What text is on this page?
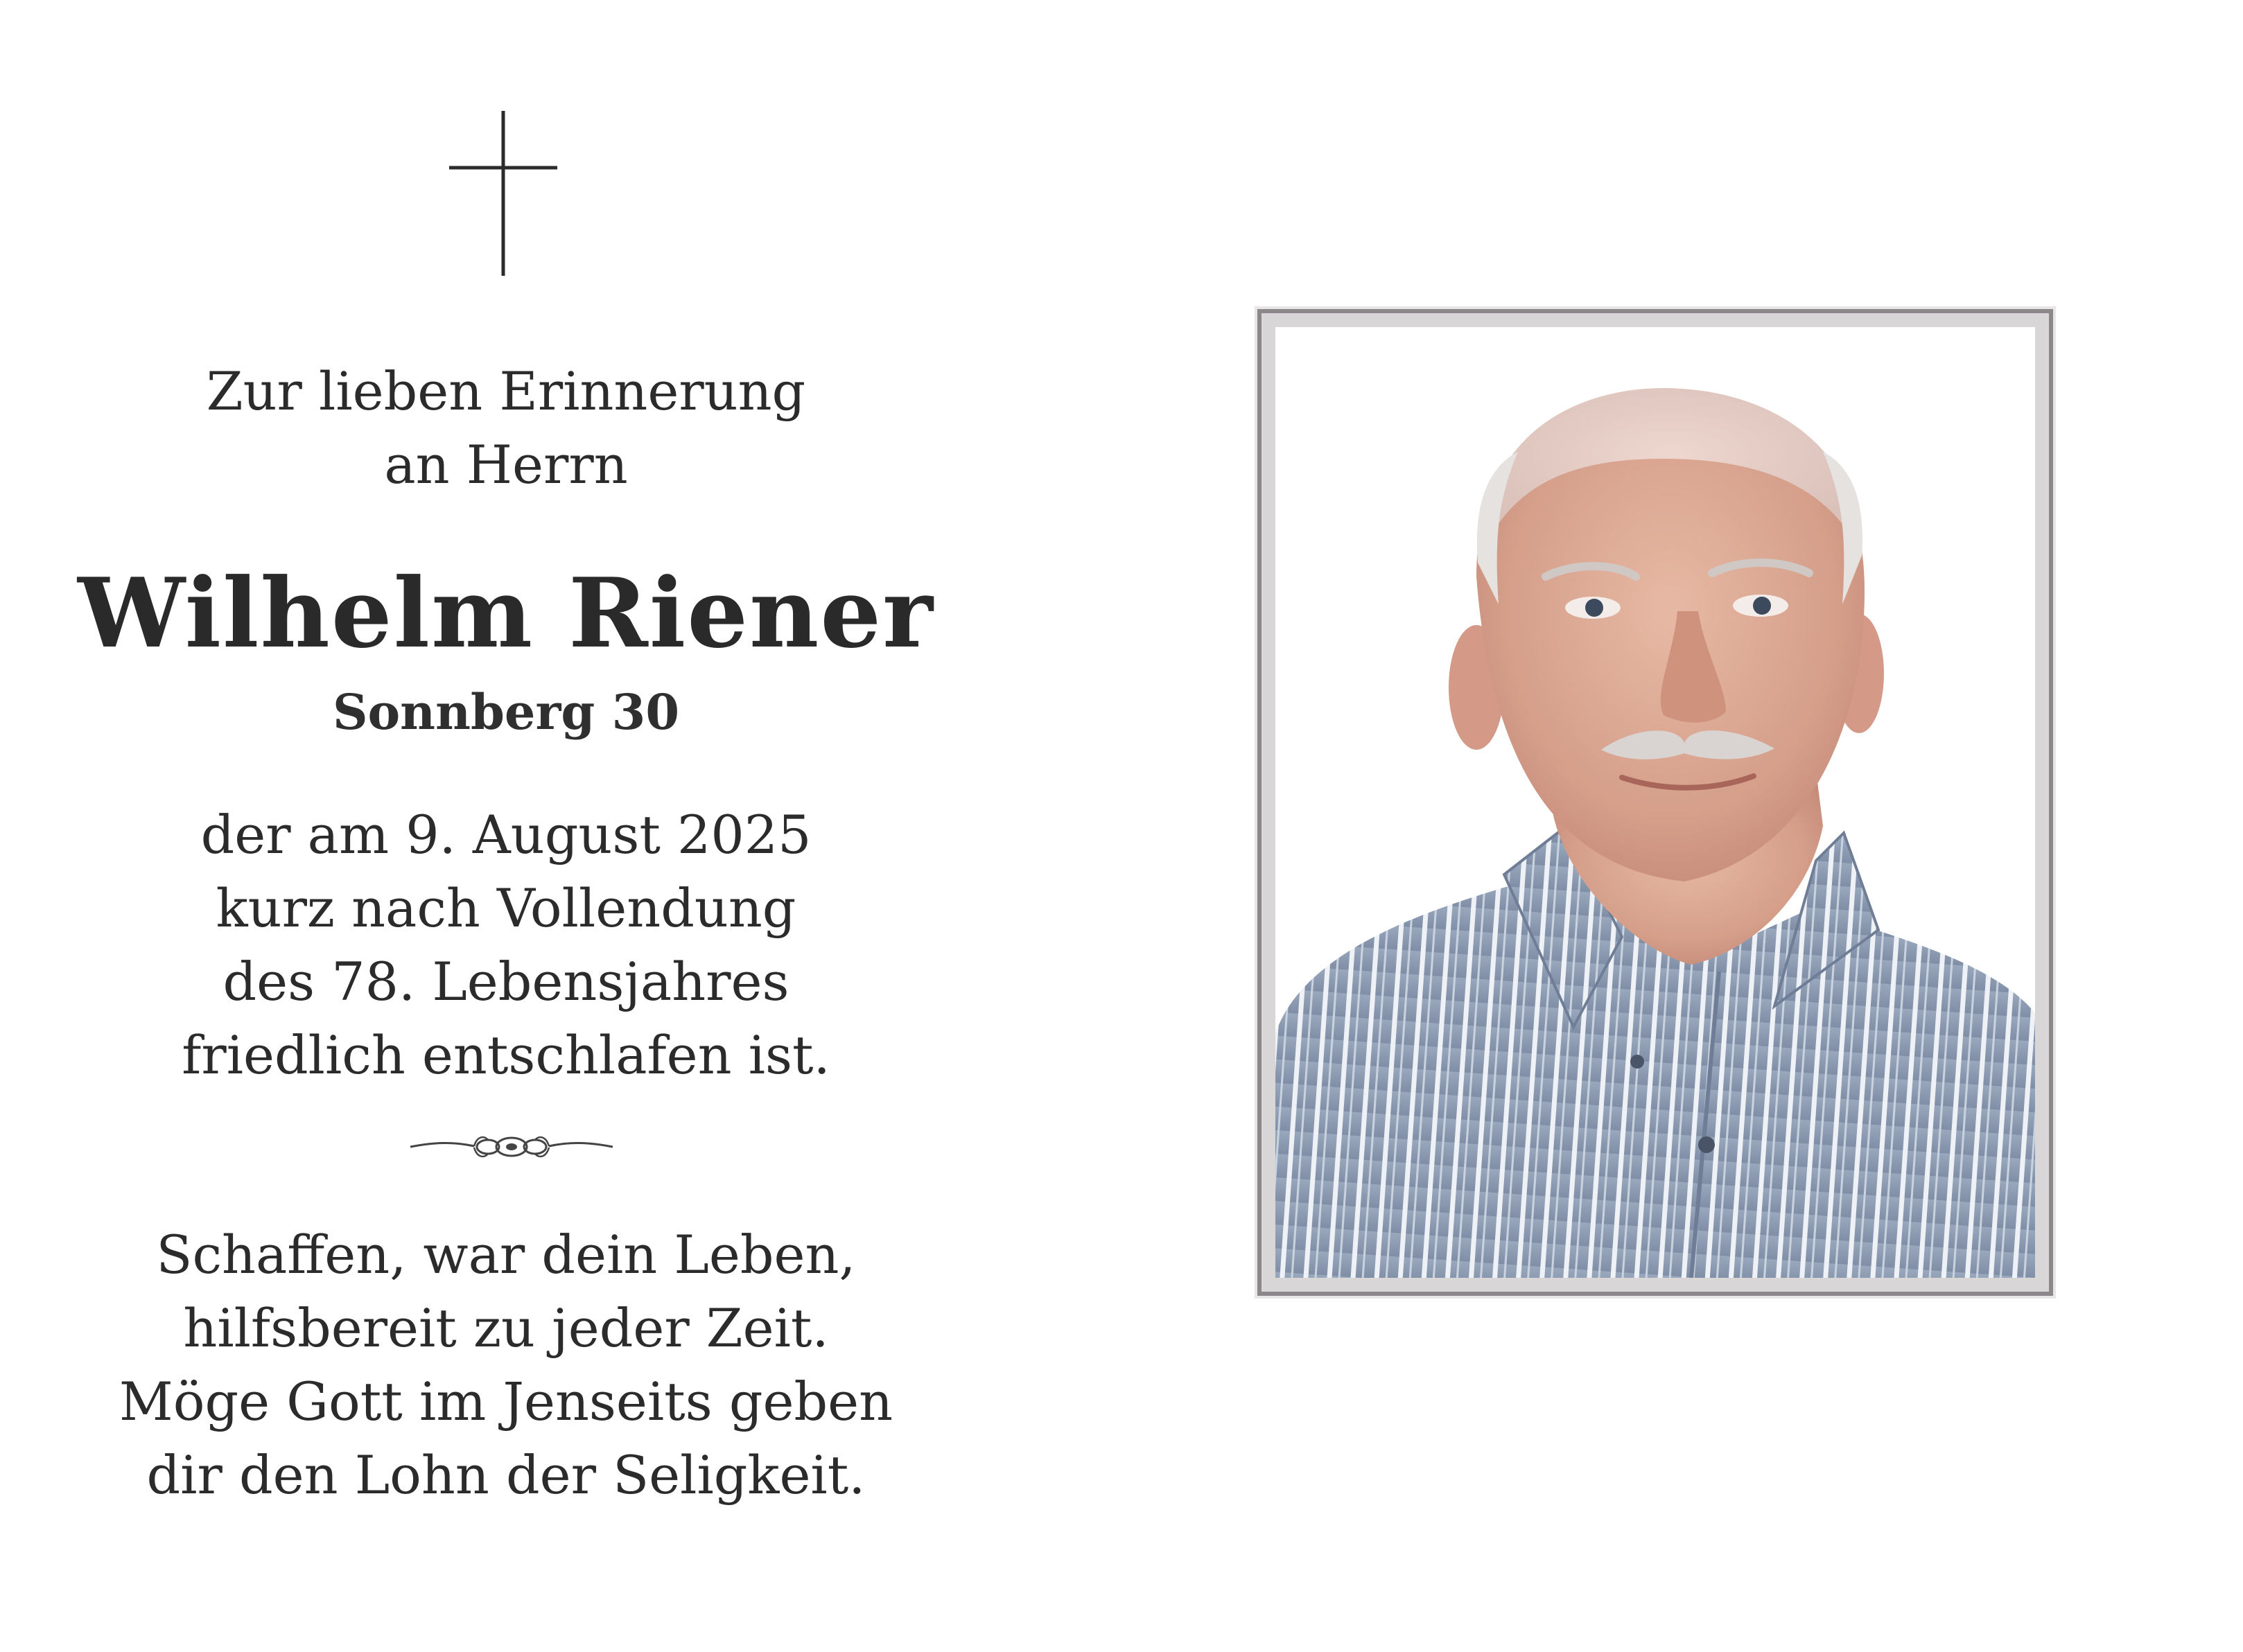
Zur lieben Erinnerung
an Herrn
Wilhelm Riener
Sonnberg 30
der am 9. August 2025
kurz nach Vollendung
des 78. Lebensjahres
friedlich entschlafen ist.
Schaffen, war dein Leben,
hilfsbereit zu jeder Zeit.
Möge Gott im Jenseits geben
dir den Lohn der Seligkeit.
